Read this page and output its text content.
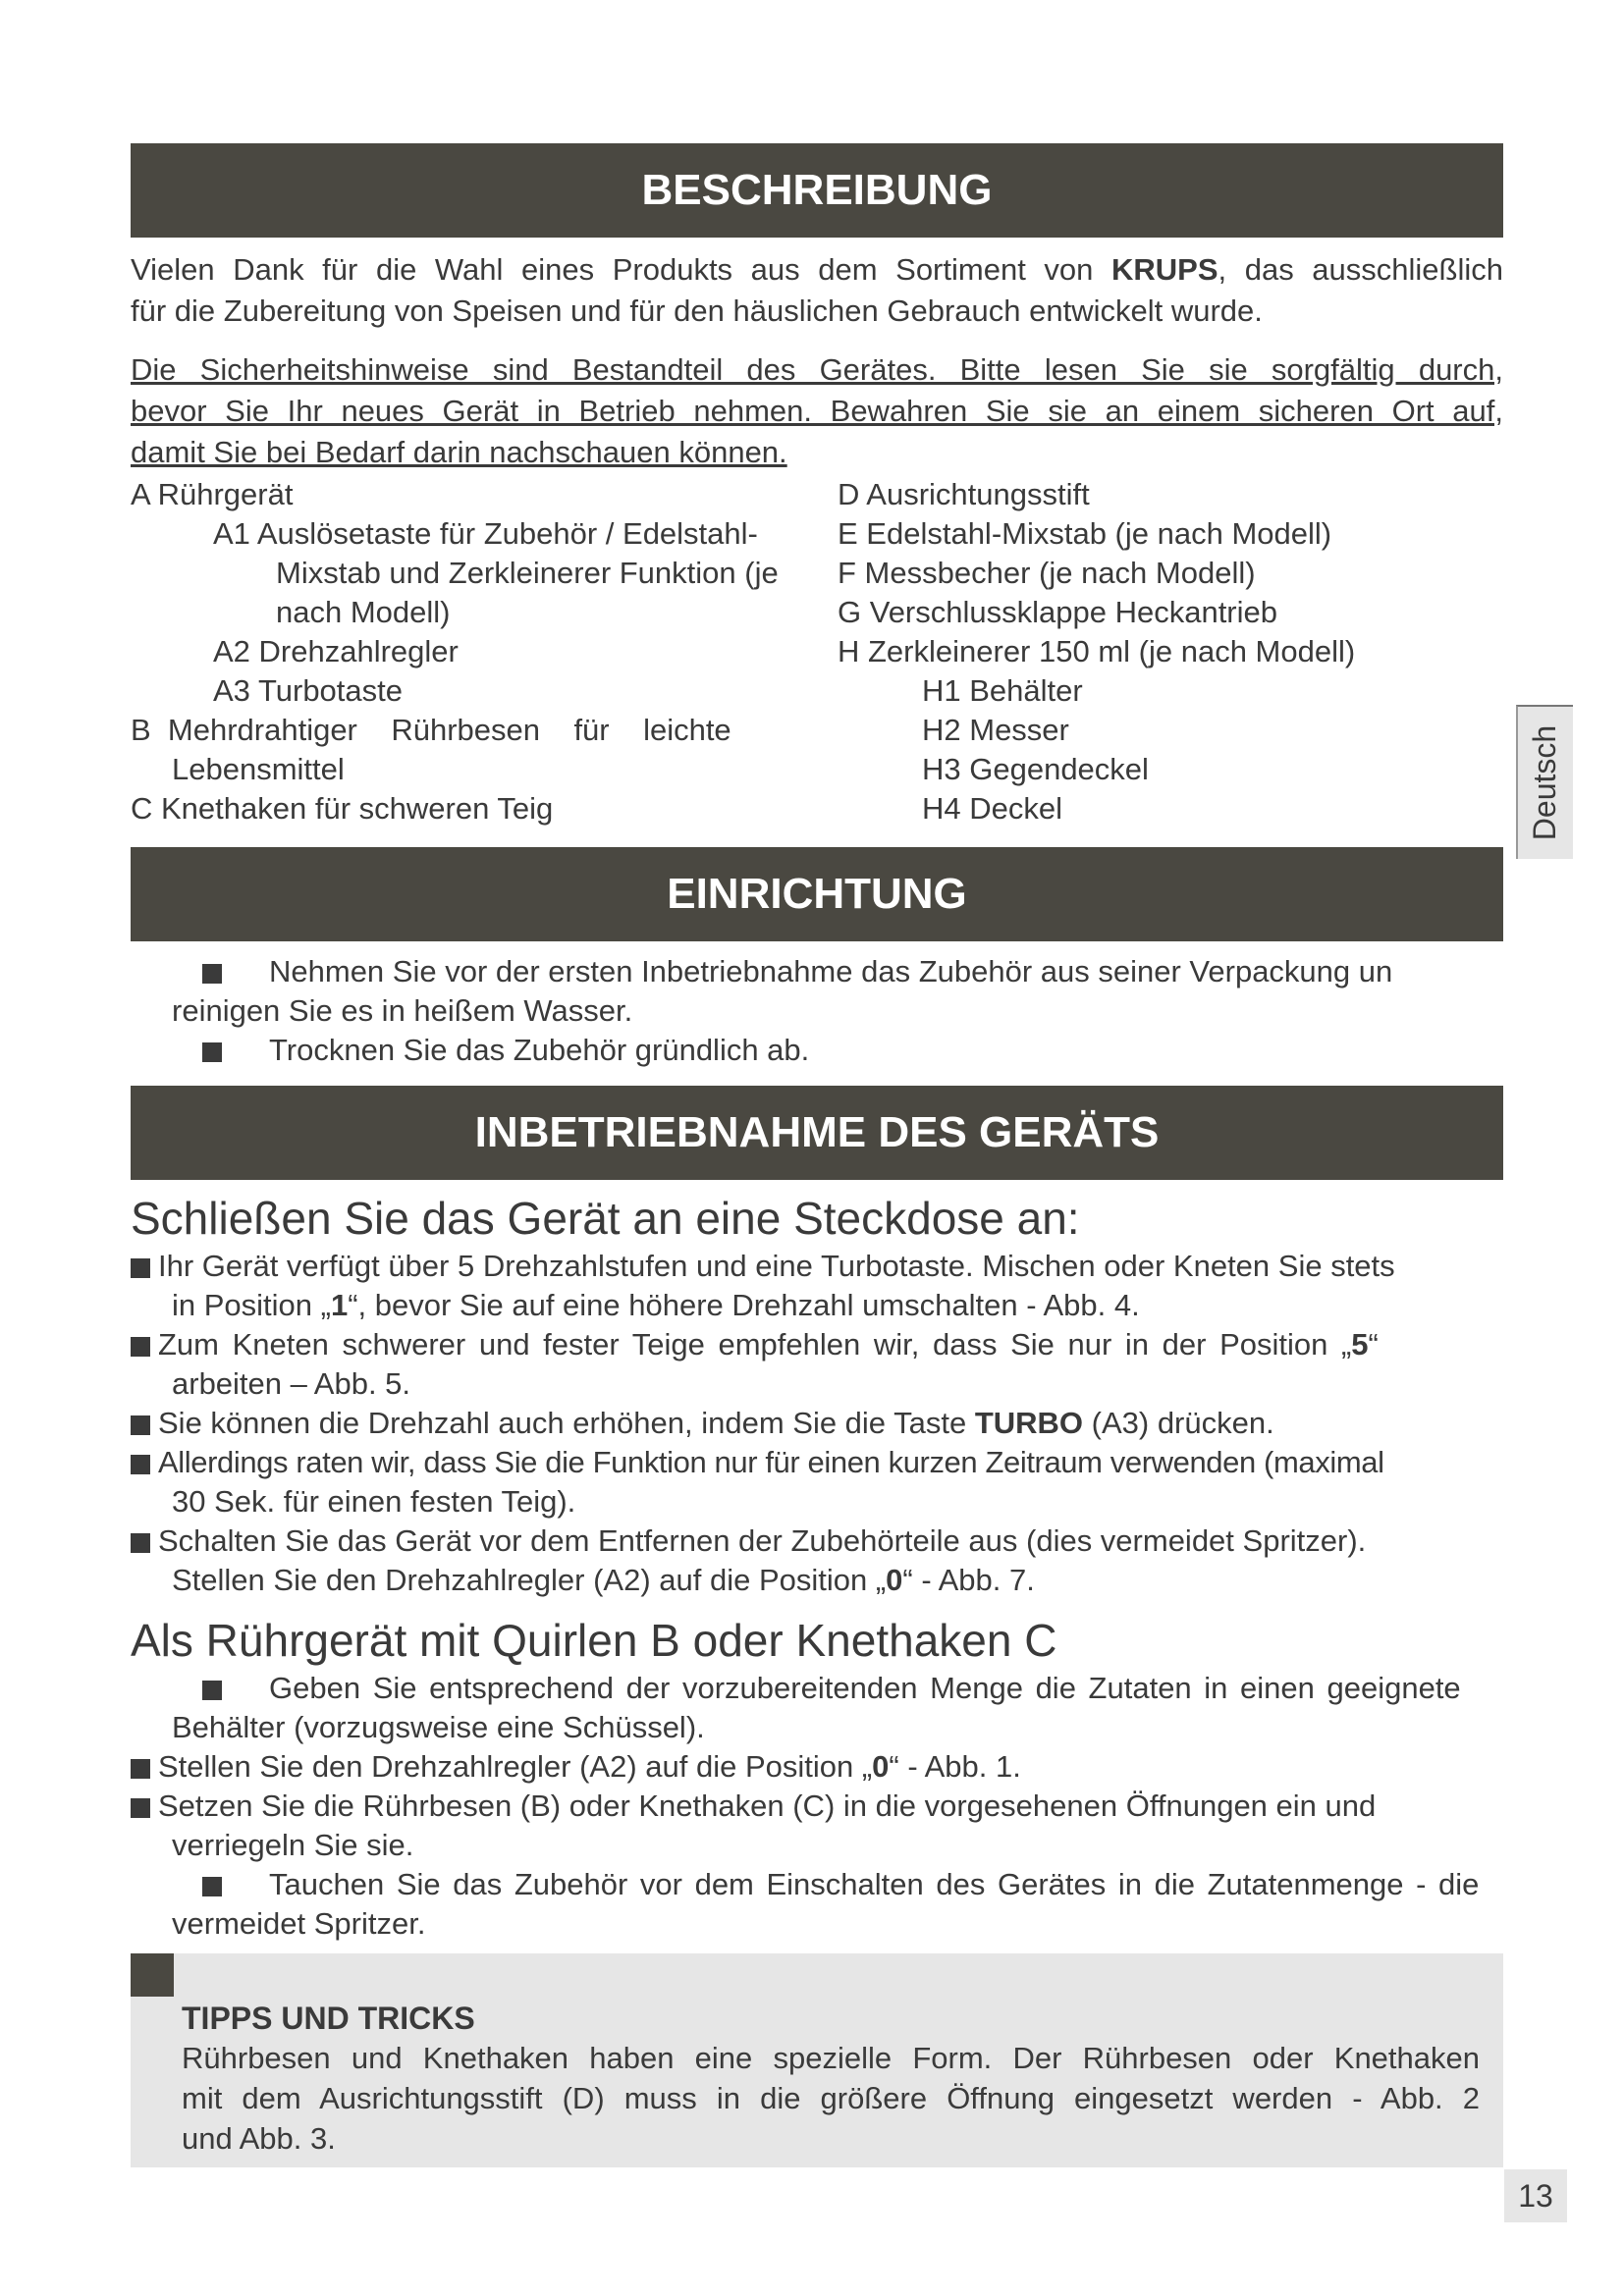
BESCHREIBUNG
Vielen Dank für die Wahl eines Produkts aus dem Sortiment von KRUPS, das ausschließlich
für die Zubereitung von Speisen und für den häuslichen Gebrauch entwickelt wurde.
Die Sicherheitshinweise sind Bestandteil des Gerätes. Bitte lesen Sie sie sorgfältig durch,
bevor Sie Ihr neues Gerät in Betrieb nehmen. Bewahren Sie sie an einem sicheren Ort auf,
damit Sie bei Bedarf darin nachschauen können.
A Rührgerät
A1 Auslösetaste für Zubehör / Edelstahl-
Mixstab und Zerkleinerer Funktion (je
nach Modell)
A2 Drehzahlregler
A3 Turbotaste
B  Mehrdrahtiger    Rührbesen    für    leichte
Lebensmittel
C Knethaken für schweren Teig
D Ausrichtungsstift
E Edelstahl-Mixstab (je nach Modell)
F Messbecher (je nach Modell)
G Verschlussklappe Heckantrieb
H Zerkleinerer 150 ml (je nach Modell)
H1 Behälter
H2 Messer
H3 Gegendeckel
H4 Deckel	Deutsch
EINRICHTUNG
Nehmen Sie vor der ersten Inbetriebnahme das Zubehör aus seiner Verpackung un
reinigen Sie es in heißem Wasser.
Trocknen Sie das Zubehör gründlich ab.
INBETRIEBNAHME DES GERÄTS
Schließen Sie das Gerät an eine Steckdose an:
Ihr Gerät verfügt über 5 Drehzahlstufen und eine Turbotaste. Mischen oder Kneten Sie stets
in Position „1“, bevor Sie auf eine höhere Drehzahl umschalten - Abb. 4.
Zum Kneten schwerer und fester Teige empfehlen wir, dass Sie nur in der Position „5“
arbeiten – Abb. 5.
Sie können die Drehzahl auch erhöhen, indem Sie die Taste TURBO (A3) drücken.
Allerdings raten wir, dass Sie die Funktion nur für einen kurzen Zeitraum verwenden (maximal
30 Sek. für einen festen Teig).
Schalten Sie das Gerät vor dem Entfernen der Zubehörteile aus (dies vermeidet Spritzer).
Stellen Sie den Drehzahlregler (A2) auf die Position „0“ - Abb. 7.
Als Rührgerät mit Quirlen B oder Knethaken C
Geben Sie entsprechend der vorzubereitenden Menge die Zutaten in einen geeignete
Behälter (vorzugsweise eine Schüssel).
Stellen Sie den Drehzahlregler (A2) auf die Position „0“ - Abb. 1.
Setzen Sie die Rührbesen (B) oder Knethaken (C) in die vorgesehenen Öffnungen ein und
verriegeln Sie sie.
Tauchen Sie das Zubehör vor dem Einschalten des Gerätes in die Zutatenmenge - die
vermeidet Spritzer.
TIPPS UND TRICKS
Rührbesen und Knethaken haben eine spezielle Form. Der Rührbesen oder Knethaken
mit dem Ausrichtungsstift (D) muss in die größere Öffnung eingesetzt werden - Abb. 2
und Abb. 3.
13
